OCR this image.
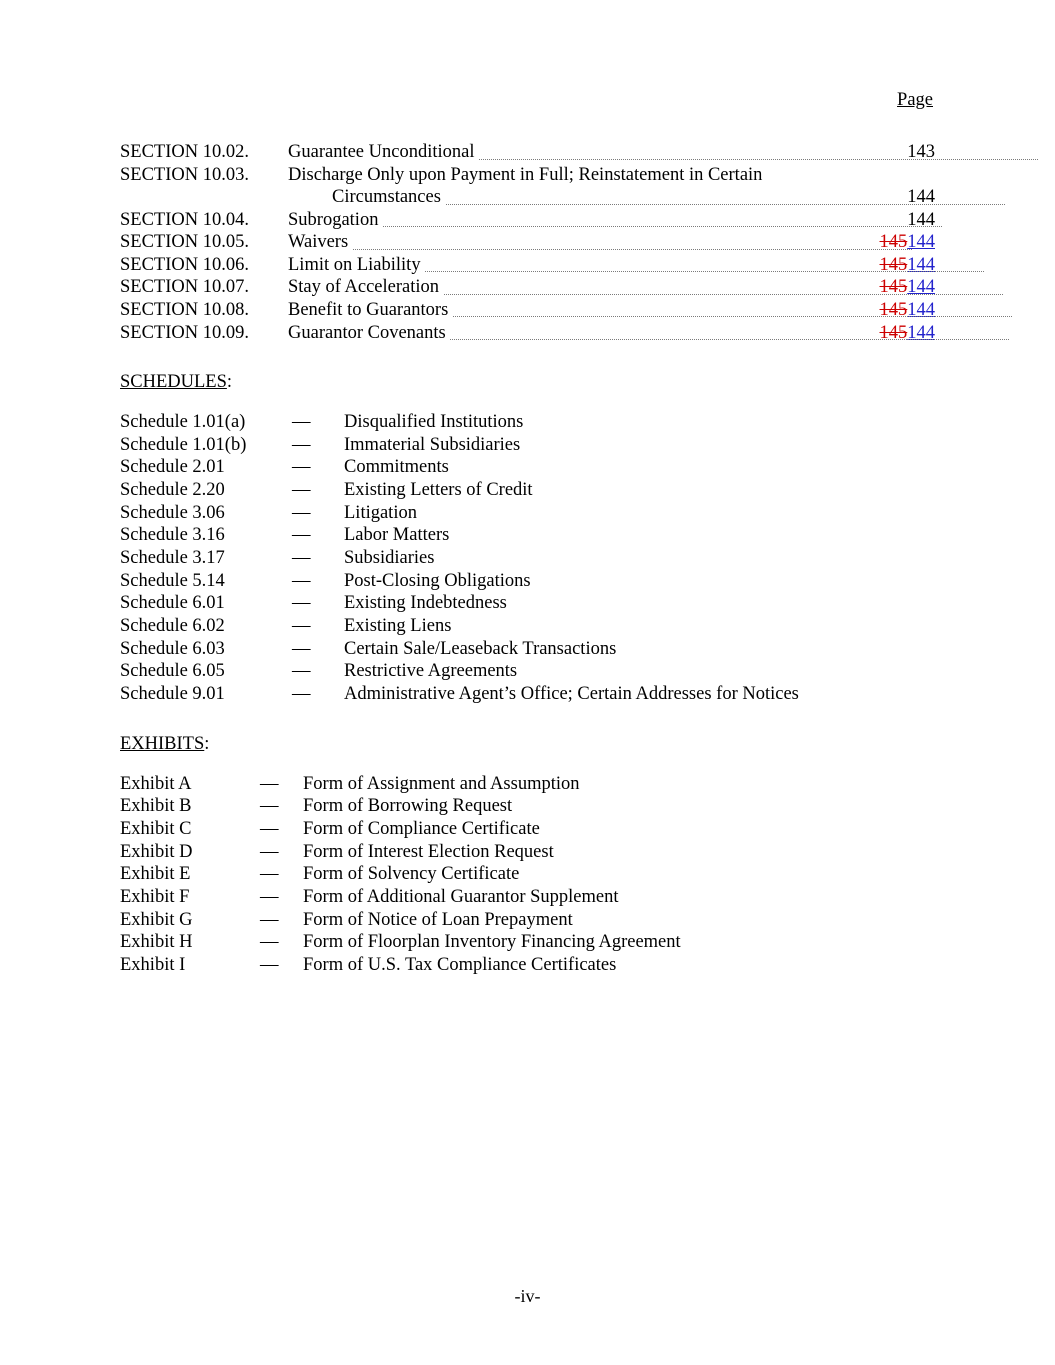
Page
SECTION 10.02.	Guarantee Unconditional	143
SECTION 10.03.	Discharge Only upon Payment in Full; Reinstatement in Certain	
	Circumstances	144
SECTION 10.04.	Subrogation	144
SECTION 10.05.	Waivers	145144
SECTION 10.06.	Limit on Liability	145144
SECTION 10.07.	Stay of Acceleration	145144
SECTION 10.08.	Benefit to Guarantors	145144
SECTION 10.09.	Guarantor Covenants	145144
SCHEDULES:
Schedule 1.01(a)	—	Disqualified Institutions
Schedule 1.01(b)	—	Immaterial Subsidiaries
Schedule 2.01	—	Commitments
Schedule 2.20	—	Existing Letters of Credit
Schedule 3.06	—	Litigation
Schedule 3.16	—	Labor Matters
Schedule 3.17	—	Subsidiaries
Schedule 5.14	—	Post-Closing Obligations
Schedule 6.01	—	Existing Indebtedness
Schedule 6.02	—	Existing Liens
Schedule 6.03	—	Certain Sale/Leaseback Transactions
Schedule 6.05	—	Restrictive Agreements
Schedule 9.01	—	Administrative Agent’s Office; Certain Addresses for Notices
EXHIBITS:
Exhibit A	—	Form of Assignment and Assumption
Exhibit B	—	Form of Borrowing Request
Exhibit C	—	Form of Compliance Certificate
Exhibit D	—	Form of Interest Election Request
Exhibit E	—	Form of Solvency Certificate
Exhibit F	—	Form of Additional Guarantor Supplement
Exhibit G	—	Form of Notice of Loan Prepayment
Exhibit H	—	Form of Floorplan Inventory Financing Agreement
Exhibit I	—	Form of U.S. Tax Compliance Certificates
-iv-
